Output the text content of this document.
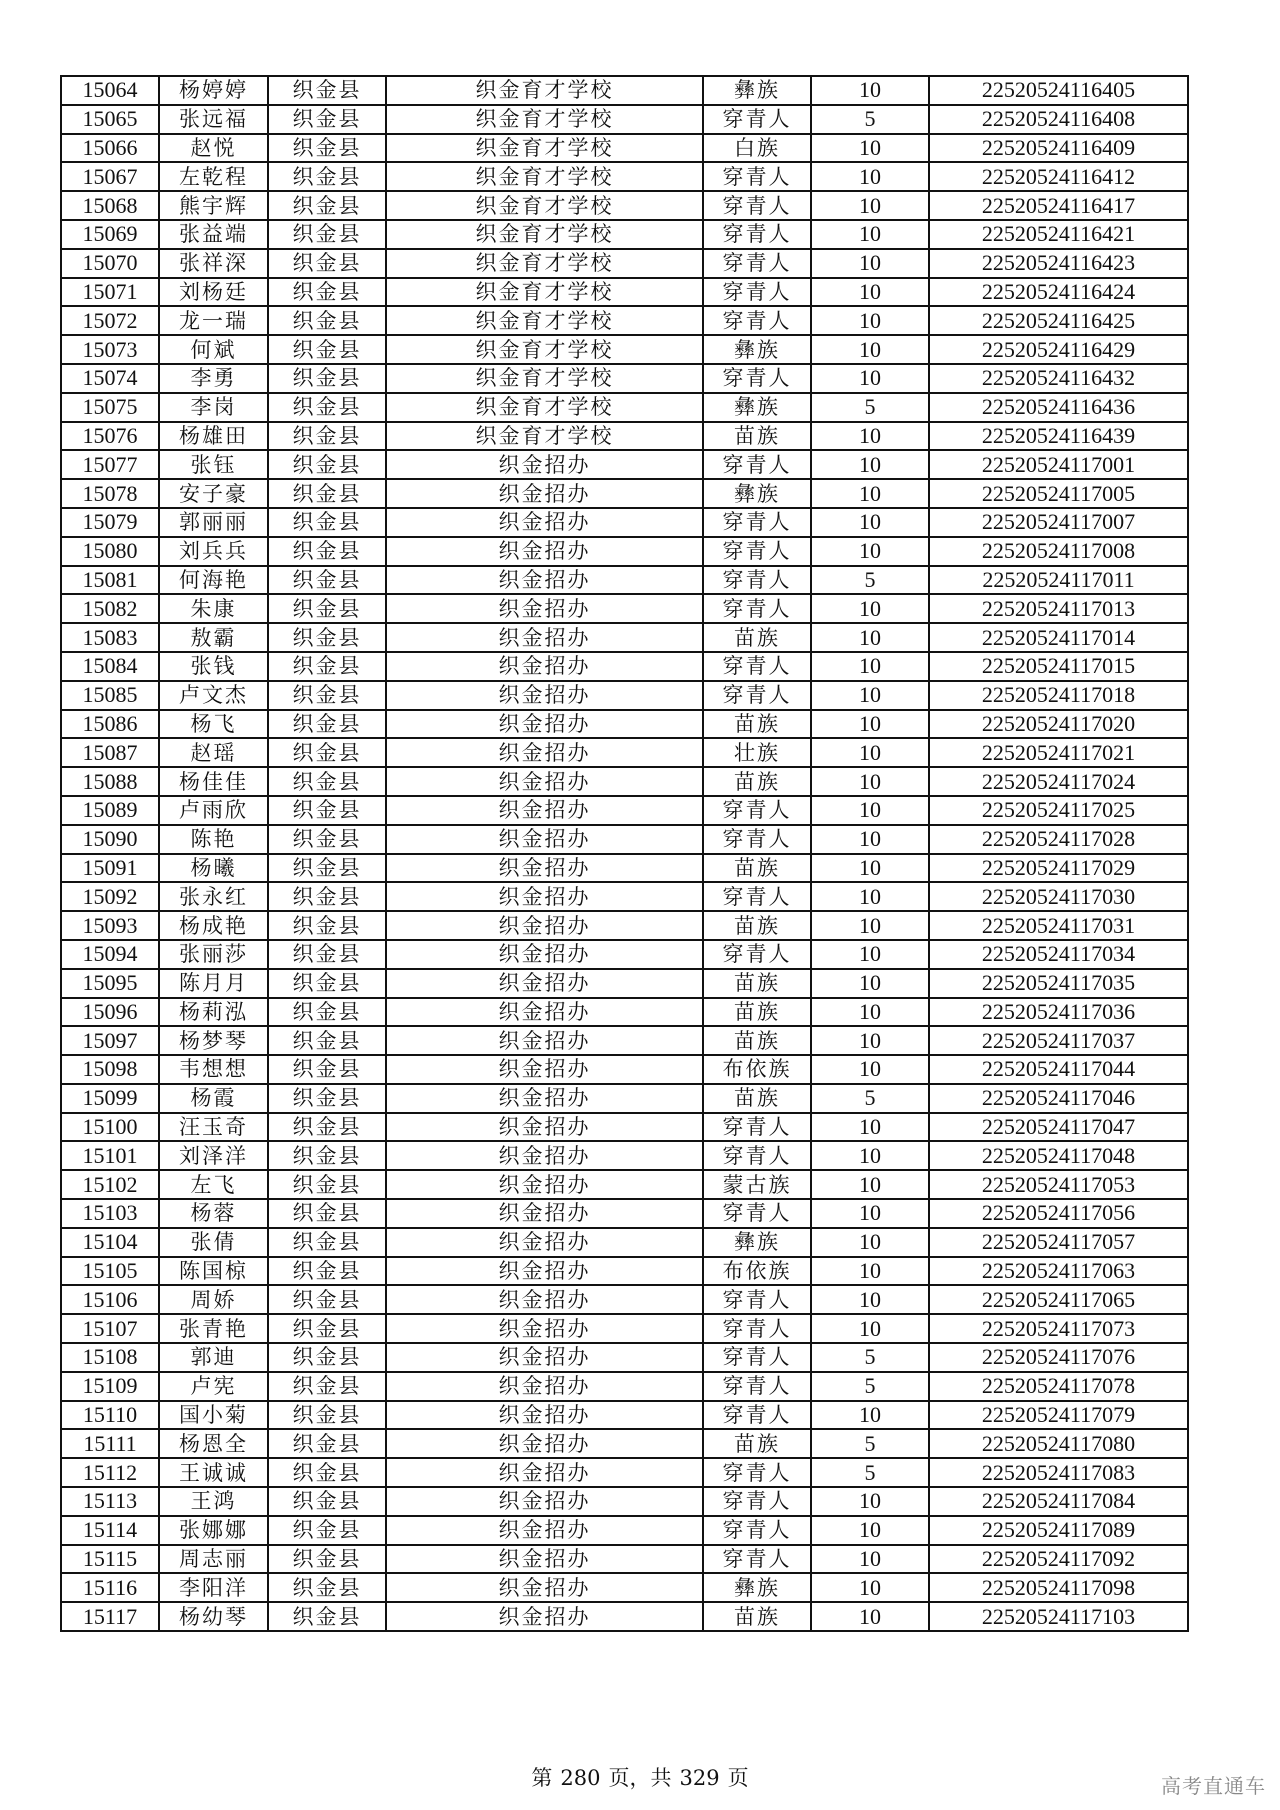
15064	杨婷婷	织金县	织金育才学校	彝族	10	22520524116405
15065	张远福	织金县	织金育才学校	穿青人	5	22520524116408
15066	赵悦	织金县	织金育才学校	白族	10	22520524116409
15067	左乾程	织金县	织金育才学校	穿青人	10	22520524116412
15068	熊宇辉	织金县	织金育才学校	穿青人	10	22520524116417
15069	张益端	织金县	织金育才学校	穿青人	10	22520524116421
15070	张祥深	织金县	织金育才学校	穿青人	10	22520524116423
15071	刘杨廷	织金县	织金育才学校	穿青人	10	22520524116424
15072	龙一瑞	织金县	织金育才学校	穿青人	10	22520524116425
15073	何斌	织金县	织金育才学校	彝族	10	22520524116429
15074	李勇	织金县	织金育才学校	穿青人	10	22520524116432
15075	李岗	织金县	织金育才学校	彝族	5	22520524116436
15076	杨雄田	织金县	织金育才学校	苗族	10	22520524116439
15077	张钰	织金县	织金招办	穿青人	10	22520524117001
15078	安子豪	织金县	织金招办	彝族	10	22520524117005
15079	郭丽丽	织金县	织金招办	穿青人	10	22520524117007
15080	刘兵兵	织金县	织金招办	穿青人	10	22520524117008
15081	何海艳	织金县	织金招办	穿青人	5	22520524117011
15082	朱康	织金县	织金招办	穿青人	10	22520524117013
15083	敖霸	织金县	织金招办	苗族	10	22520524117014
15084	张钱	织金县	织金招办	穿青人	10	22520524117015
15085	卢文杰	织金县	织金招办	穿青人	10	22520524117018
15086	杨飞	织金县	织金招办	苗族	10	22520524117020
15087	赵瑶	织金县	织金招办	壮族	10	22520524117021
15088	杨佳佳	织金县	织金招办	苗族	10	22520524117024
15089	卢雨欣	织金县	织金招办	穿青人	10	22520524117025
15090	陈艳	织金县	织金招办	穿青人	10	22520524117028
15091	杨曦	织金县	织金招办	苗族	10	22520524117029
15092	张永红	织金县	织金招办	穿青人	10	22520524117030
15093	杨成艳	织金县	织金招办	苗族	10	22520524117031
15094	张丽莎	织金县	织金招办	穿青人	10	22520524117034
15095	陈月月	织金县	织金招办	苗族	10	22520524117035
15096	杨莉泓	织金县	织金招办	苗族	10	22520524117036
15097	杨梦琴	织金县	织金招办	苗族	10	22520524117037
15098	韦想想	织金县	织金招办	布依族	10	22520524117044
15099	杨霞	织金县	织金招办	苗族	5	22520524117046
15100	汪玉奇	织金县	织金招办	穿青人	10	22520524117047
15101	刘泽洋	织金县	织金招办	穿青人	10	22520524117048
15102	左飞	织金县	织金招办	蒙古族	10	22520524117053
15103	杨蓉	织金县	织金招办	穿青人	10	22520524117056
15104	张倩	织金县	织金招办	彝族	10	22520524117057
15105	陈国椋	织金县	织金招办	布依族	10	22520524117063
15106	周娇	织金县	织金招办	穿青人	10	22520524117065
15107	张青艳	织金县	织金招办	穿青人	10	22520524117073
15108	郭迪	织金县	织金招办	穿青人	5	22520524117076
15109	卢宪	织金县	织金招办	穿青人	5	22520524117078
15110	国小菊	织金县	织金招办	穿青人	10	22520524117079
15111	杨恩全	织金县	织金招办	苗族	5	22520524117080
15112	王诚诚	织金县	织金招办	穿青人	5	22520524117083
15113	王鸿	织金县	织金招办	穿青人	10	22520524117084
15114	张娜娜	织金县	织金招办	穿青人	10	22520524117089
15115	周志丽	织金县	织金招办	穿青人	10	22520524117092
15116	李阳洋	织金县	织金招办	彝族	10	22520524117098
15117	杨幼琴	织金县	织金招办	苗族	10	22520524117103
第 280 页，共 329 页	高考直通车
